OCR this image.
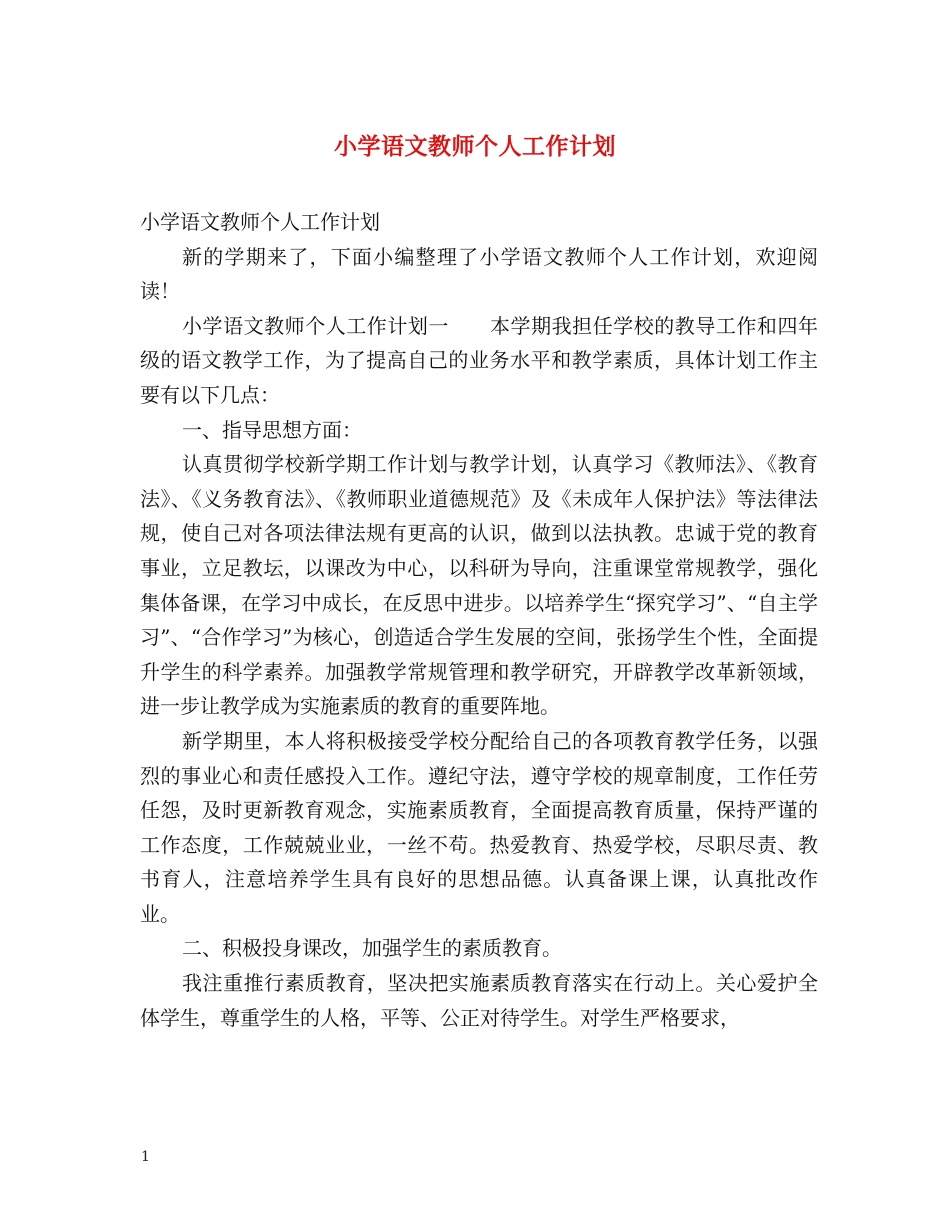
小学语文教师个人工作计划

小学语文教师个人工作计划

新的学期来了，下面小编整理了小学语文教师个人工作计划，欢迎阅读！

小学语文教师个人工作计划一　　本学期我担任学校的教导工作和四年级的语文教学工作，为了提高自己的业务水平和教学素质，具体计划工作主要有以下几点：

一、指导思想方面：

认真贯彻学校新学期工作计划与教学计划，认真学习《教师法》、《教育法》、《义务教育法》、《教师职业道德规范》及《未成年人保护法》等法律法规，使自己对各项法律法规有更高的认识，做到以法执教。忠诚于党的教育事业，立足教坛，以课改为中心，以科研为导向，注重课堂常规教学，强化集体备课，在学习中成长，在反思中进步。以培养学生“探究学习”、“自主学习”、“合作学习”为核心，创造适合学生发展的空间，张扬学生个性，全面提升学生的科学素养。加强教学常规管理和教学研究，开辟教学改革新领域，进一步让教学成为实施素质的教育的重要阵地。

新学期里，本人将积极接受学校分配给自己的各项教育教学任务，以强烈的事业心和责任感投入工作。遵纪守法，遵守学校的规章制度，工作任劳任怨，及时更新教育观念，实施素质教育，全面提高教育质量，保持严谨的工作态度，工作兢兢业业，一丝不苟。热爱教育、热爱学校，尽职尽责、教书育人，注意培养学生具有良好的思想品德。认真备课上课，认真批改作业。

二、积极投身课改，加强学生的素质教育。

我注重推行素质教育，坚决把实施素质教育落实在行动上。关心爱护全体学生，尊重学生的人格，平等、公正对待学生。对学生严格要求，

1
